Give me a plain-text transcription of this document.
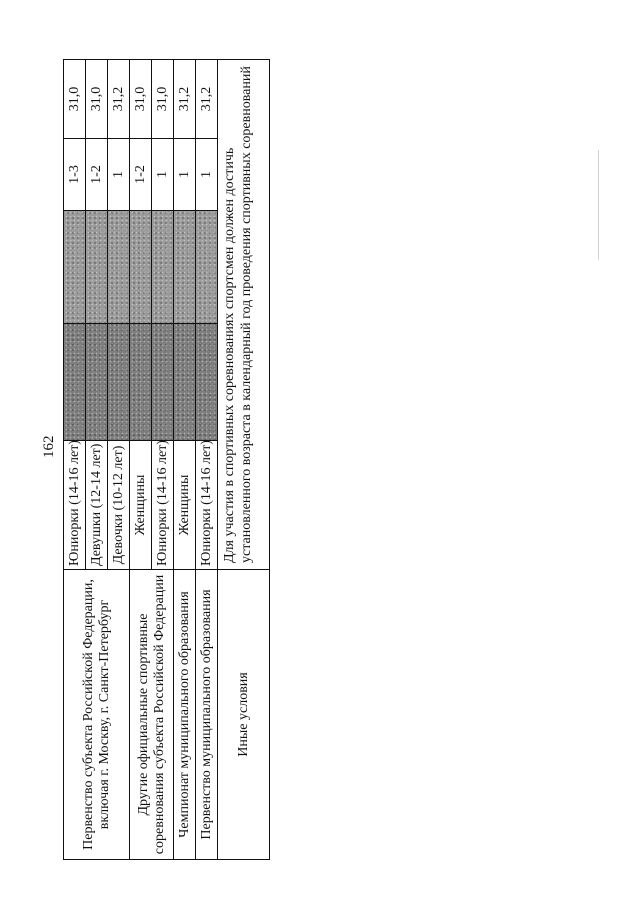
162
Первенство субъекта Российской Федерации, включая г. Москву, г. Санкт-Петербург	Юниорки (14-16 лет)			1-3	31,0
	Девушки (12-14 лет)			1-2	31,0
	Девочки (10-12 лет)			1	31,2
Другие официальные спортивные соревнования субъекта Российской Федерации	Женщины			1-2	31,0
	Юниорки (14-16 лет)			1	31,0
Чемпионат муниципального образования	Женщины			1	31,2
Первенство муниципального образования	Юниорки (14-16 лет)			1	31,2
Иные условия	Для участия в спортивных соревнованиях спортсмен должен достичь установленного возраста в календарный год проведения спортивных соревнований				
